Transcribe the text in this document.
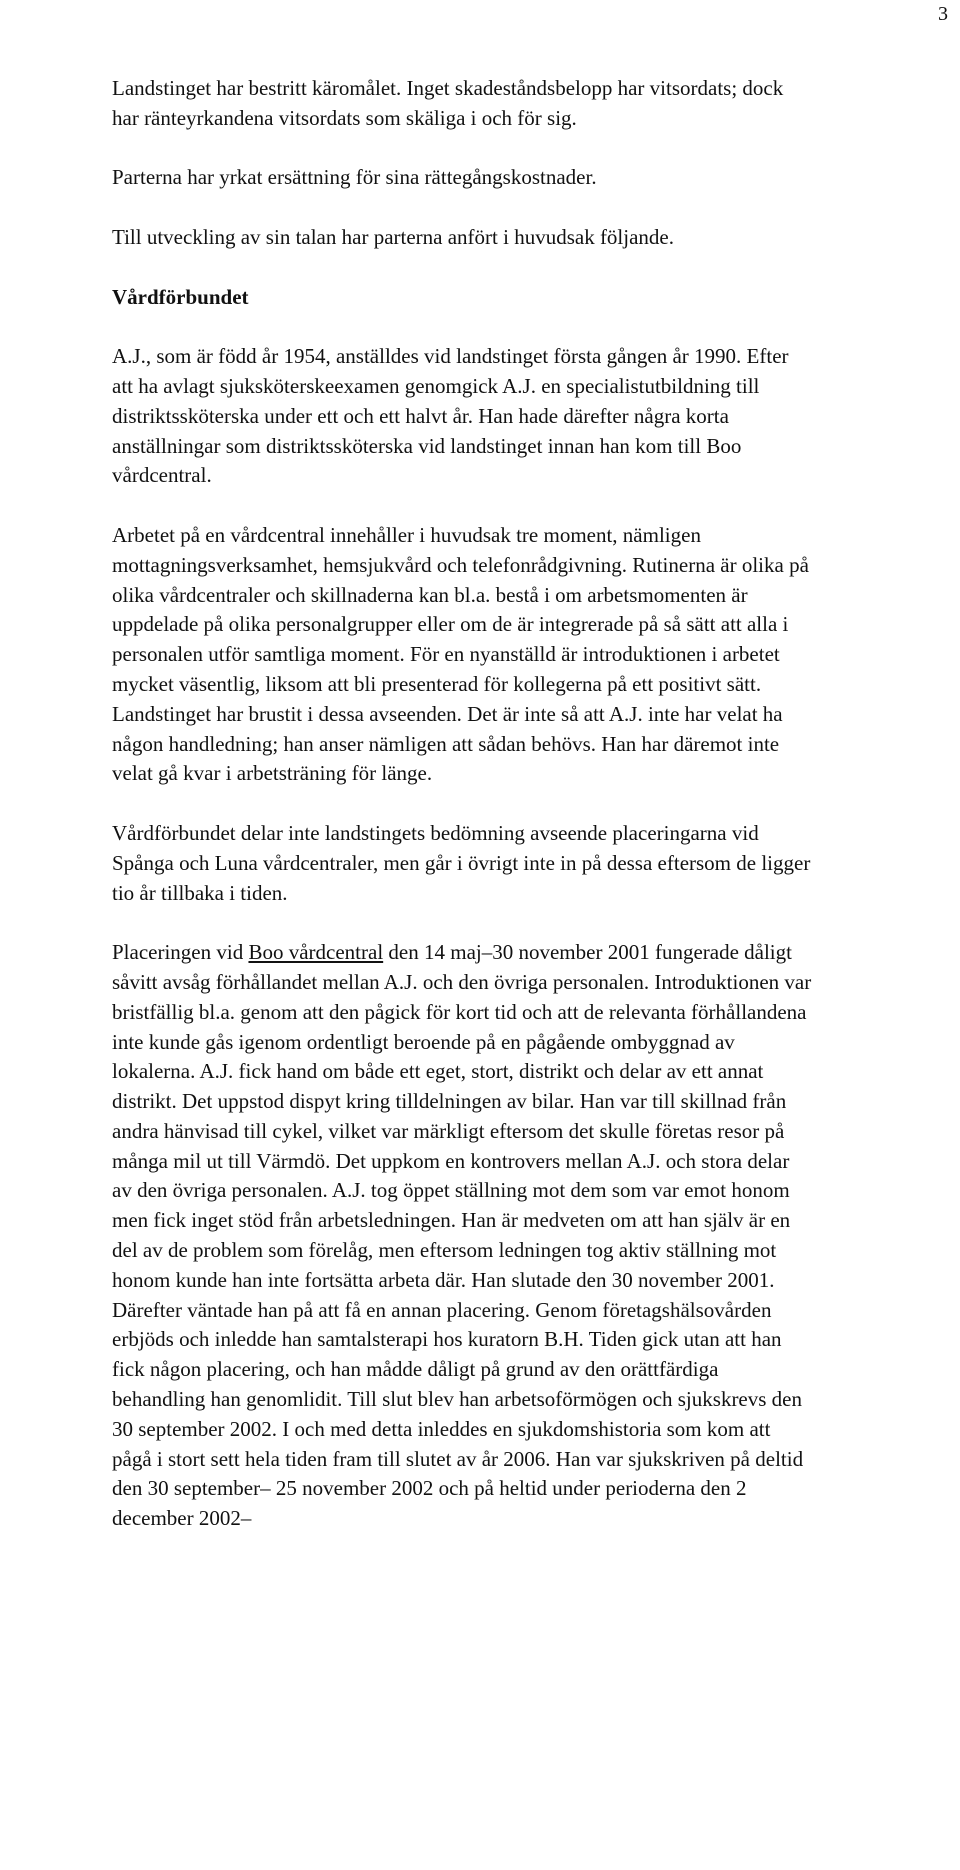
3

Landstinget har bestritt käromålet. Inget skadeståndsbelopp har vitsordats; dock har ränteyrkandena vitsordats som skäliga i och för sig.

Parterna har yrkat ersättning för sina rättegångskostnader.

Till utveckling av sin talan har parterna anfört i huvudsak följande.

Vårdförbundet

A.J., som är född år 1954, anställdes vid landstinget första gången år 1990. Efter att ha avlagt sjuksköterskeexamen genomgick A.J. en specialistutbildning till distriktssköterska under ett och ett halvt år. Han hade därefter några korta anställningar som distriktssköterska vid landstinget innan han kom till Boo vårdcentral.

Arbetet på en vårdcentral innehåller i huvudsak tre moment, nämligen mottagningsverksamhet, hemsjukvård och telefonrådgivning. Rutinerna är olika på olika vårdcentraler och skillnaderna kan bl.a. bestå i om arbetsmomenten är uppdelade på olika personalgrupper eller om de är integrerade på så sätt att alla i personalen utför samtliga moment. För en nyanställd är introduktionen i arbetet mycket väsentlig, liksom att bli presenterad för kollegerna på ett positivt sätt. Landstinget har brustit i dessa avseenden. Det är inte så att A.J. inte har velat ha någon handledning; han anser nämligen att sådan behövs. Han har däremot inte velat gå kvar i arbetsträning för länge.

Vårdförbundet delar inte landstingets bedömning avseende placeringarna vid Spånga och Luna vårdcentraler, men går i övrigt inte in på dessa eftersom de ligger tio år tillbaka i tiden.

Placeringen vid Boo vårdcentral den 14 maj–30 november 2001 fungerade dåligt såvitt avsåg förhållandet mellan A.J. och den övriga personalen. Introduktionen var bristfällig bl.a. genom att den pågick för kort tid och att de relevanta förhållandena inte kunde gås igenom ordentligt beroende på en pågående ombyggnad av lokalerna. A.J. fick hand om både ett eget, stort, distrikt och delar av ett annat distrikt. Det uppstod dispyt kring tilldelningen av bilar. Han var till skillnad från andra hänvisad till cykel, vilket var märkligt eftersom det skulle företas resor på många mil ut till Värmdö. Det uppkom en kontrovers mellan A.J. och stora delar av den övriga personalen. A.J. tog öppet ställning mot dem som var emot honom men fick inget stöd från arbetsledningen. Han är medveten om att han själv är en del av de problem som förelåg, men eftersom ledningen tog aktiv ställning mot honom kunde han inte fortsätta arbeta där. Han slutade den 30 november 2001. Därefter väntade han på att få en annan placering. Genom företagshälsovården erbjöds och inledde han samtalsterapi hos kuratorn B.H. Tiden gick utan att han fick någon placering, och han mådde dåligt på grund av den orättfärdiga behandling han genomlidit. Till slut blev han arbetsoförmögen och sjukskrevs den 30 september 2002. I och med detta inleddes en sjukdomshistoria som kom att pågå i stort sett hela tiden fram till slutet av år 2006. Han var sjukskriven på deltid den 30 september– 25 november 2002 och på heltid under perioderna den 2 december 2002–
